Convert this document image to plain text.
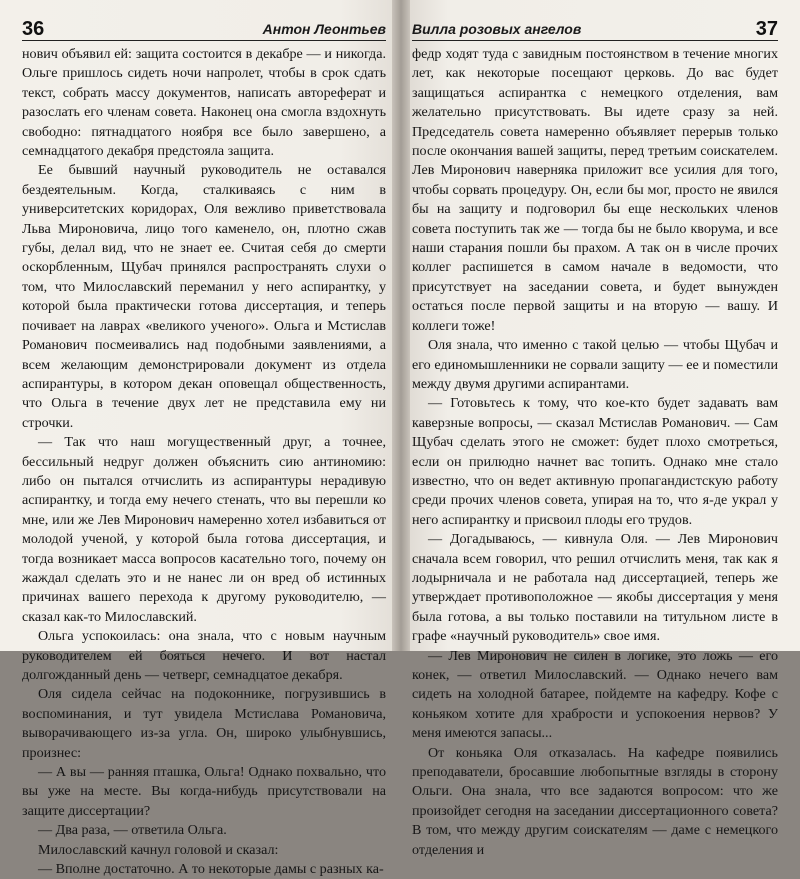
36	Антон Леонтьев

нович объявил ей: защита состоится в декабре — и никогда. Ольге пришлось сидеть ночи напролет, чтобы в срок сдать текст, собрать массу документов, написать автореферат и разослать его членам совета. Наконец она смогла вздохнуть свободно: пятнадцатого ноября все было завершено, а семнадцатого декабря предстояла защита.

Ее бывший научный руководитель не оставался бездеятельным. Когда, сталкиваясь с ним в университетских коридорах, Оля вежливо приветствовала Льва Мироновича, лицо того каменело, он, плотно сжав губы, делал вид, что не знает ее. Считая себя до смерти оскорбленным, Щубач принялся распространять слухи о том, что Милославский переманил у него аспирантку, у которой была практически готова диссертация, и теперь почивает на лаврах «великого ученого». Ольга и Мстислав Романович посмеивались над подобными заявлениями, а всем желающим демонстрировали документ из отдела аспирантуры, в котором декан оповещал общественность, что Ольга в течение двух лет не представила ему ни строчки.

— Так что наш могущественный друг, а точнее, бессильный недруг должен объяснить сию антиномию: либо он пытался отчислить из аспирантуры нерадивую аспирантку, и тогда ему нечего стенать, что вы перешли ко мне, или же Лев Миронович намеренно хотел избавиться от молодой ученой, у которой была готова диссертация, и тогда возникает масса вопросов касательно того, почему он жаждал сделать это и не нанес ли он вред об истинных причинах вашего перехода к другому руководителю, — сказал как-то Милославский.

Ольга успокоилась: она знала, что с новым научным руководителем ей бояться нечего. И вот настал долгожданный день — четверг, семнадцатое декабря.

Оля сидела сейчас на подоконнике, погрузившись в воспоминания, и тут увидела Мстислава Романовича, выворачивающего из-за угла. Он, широко улыбнувшись, произнес:

— А вы — ранняя пташка, Ольга! Однако похвально, что вы уже на месте. Вы когда-нибудь присутствовали на защите диссертации?

— Два раза, — ответила Ольга.

Милославский качнул головой и сказал:

— Вполне достаточно. А то некоторые дамы с разных ка-

Вилла розовых ангелов	37

федр ходят туда с завидным постоянством в течение многих лет, как некоторые посещают церковь. До вас будет защищаться аспирантка с немецкого отделения, вам желательно присутствовать. Вы идете сразу за ней. Председатель совета намеренно объявляет перерыв только после окончания вашей защиты, перед третьим соискателем. Лев Миронович наверняка приложит все усилия для того, чтобы сорвать процедуру. Он, если бы мог, просто не явился бы на защиту и подговорил бы еще нескольких членов совета поступить так же — тогда бы не было кворума, и все наши старания пошли бы прахом. А так он в числе прочих коллег распишется в самом начале в ведомости, что присутствует на заседании совета, и будет вынужден остаться после первой защиты и на вторую — вашу. И коллеги тоже!

Оля знала, что именно с такой целью — чтобы Щубач и его единомышленники не сорвали защиту — ее и поместили между двумя другими аспирантами.

— Готовьтесь к тому, что кое-кто будет задавать вам каверзные вопросы, — сказал Мстислав Романович. — Сам Щубач сделать этого не сможет: будет плохо смотреться, если он прилюдно начнет вас топить. Однако мне стало известно, что он ведет активную пропагандистскую работу среди прочих членов совета, упирая на то, что я-де украл у него аспирантку и присвоил плоды его трудов.

— Догадываюсь, — кивнула Оля. — Лев Миронович сначала всем говорил, что решил отчислить меня, так как я лодырничала и не работала над диссертацией, теперь же утверждает противоположное — якобы диссертация у меня была готова, а вы только поставили на титульном листе в графе «научный руководитель» свое имя.

— Лев Миронович не силен в логике, это ложь — его конек, — ответил Милославский. — Однако нечего вам сидеть на холодной батарее, пойдемте на кафедру. Кофе с коньяком хотите для храбрости и успокоения нервов? У меня имеются запасы...

От коньяка Оля отказалась. На кафедре появились преподаватели, бросавшие любопытные взгляды в сторону Ольги. Она знала, что все задаются вопросом: что же произойдет сегодня на заседании диссертационного совета? В том, что между другим соискателям — даме с немецкого отделения и
